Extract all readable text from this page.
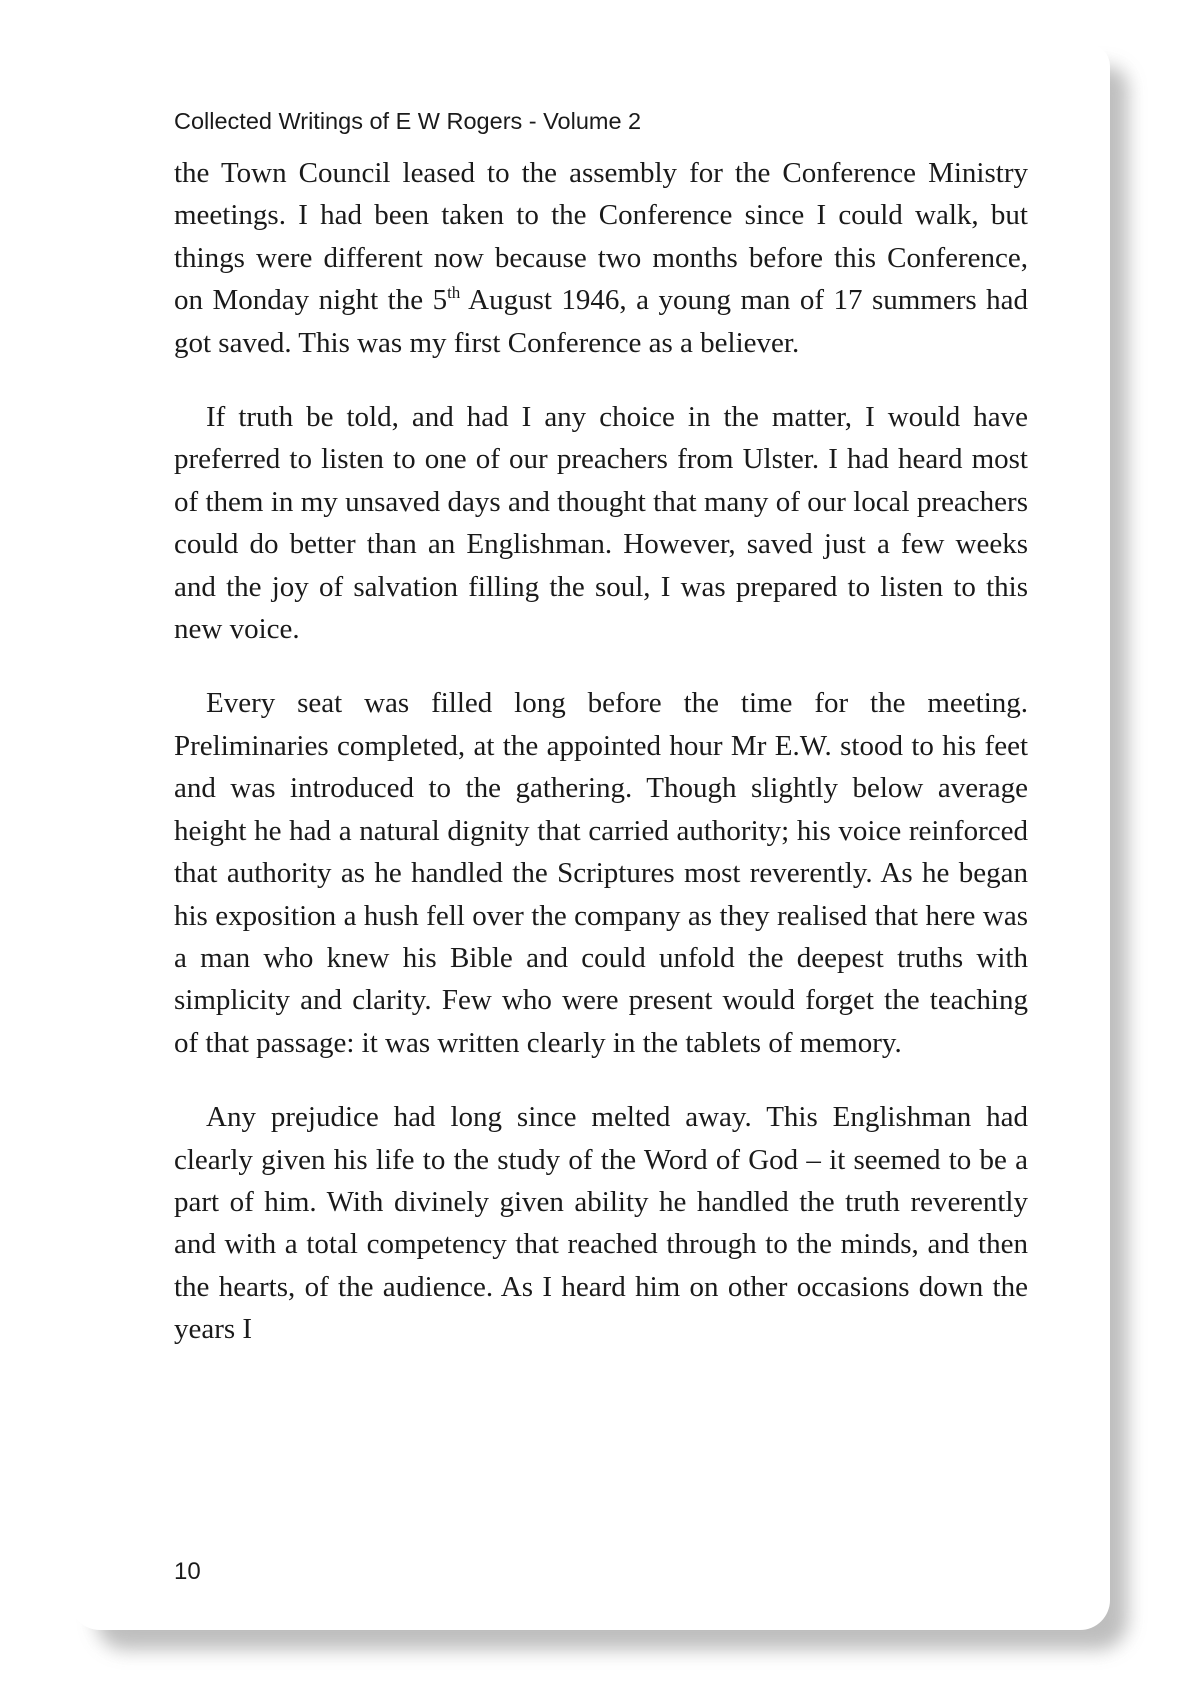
Collected Writings of E W Rogers - Volume 2

the Town Council leased to the assembly for the Conference Ministry meetings. I had been taken to the Conference since I could walk, but things were different now because two months before this Conference, on Monday night the 5th August 1946, a young man of 17 summers had got saved. This was my first Conference as a believer.

If truth be told, and had I any choice in the matter, I would have preferred to listen to one of our preachers from Ulster. I had heard most of them in my unsaved days and thought that many of our local preachers could do better than an Englishman. However, saved just a few weeks and the joy of salvation filling the soul, I was prepared to listen to this new voice.

Every seat was filled long before the time for the meeting. Preliminaries completed, at the appointed hour Mr E.W. stood to his feet and was introduced to the gathering. Though slightly below average height he had a natural dignity that carried authority; his voice reinforced that authority as he handled the Scriptures most reverently. As he began his exposition a hush fell over the company as they realised that here was a man who knew his Bible and could unfold the deepest truths with simplicity and clarity. Few who were present would forget the teaching of that passage: it was written clearly in the tablets of memory.

Any prejudice had long since melted away. This Englishman had clearly given his life to the study of the Word of God – it seemed to be a part of him. With divinely given ability he handled the truth reverently and with a total competency that reached through to the minds, and then the hearts, of the audience. As I heard him on other occasions down the years I

10
